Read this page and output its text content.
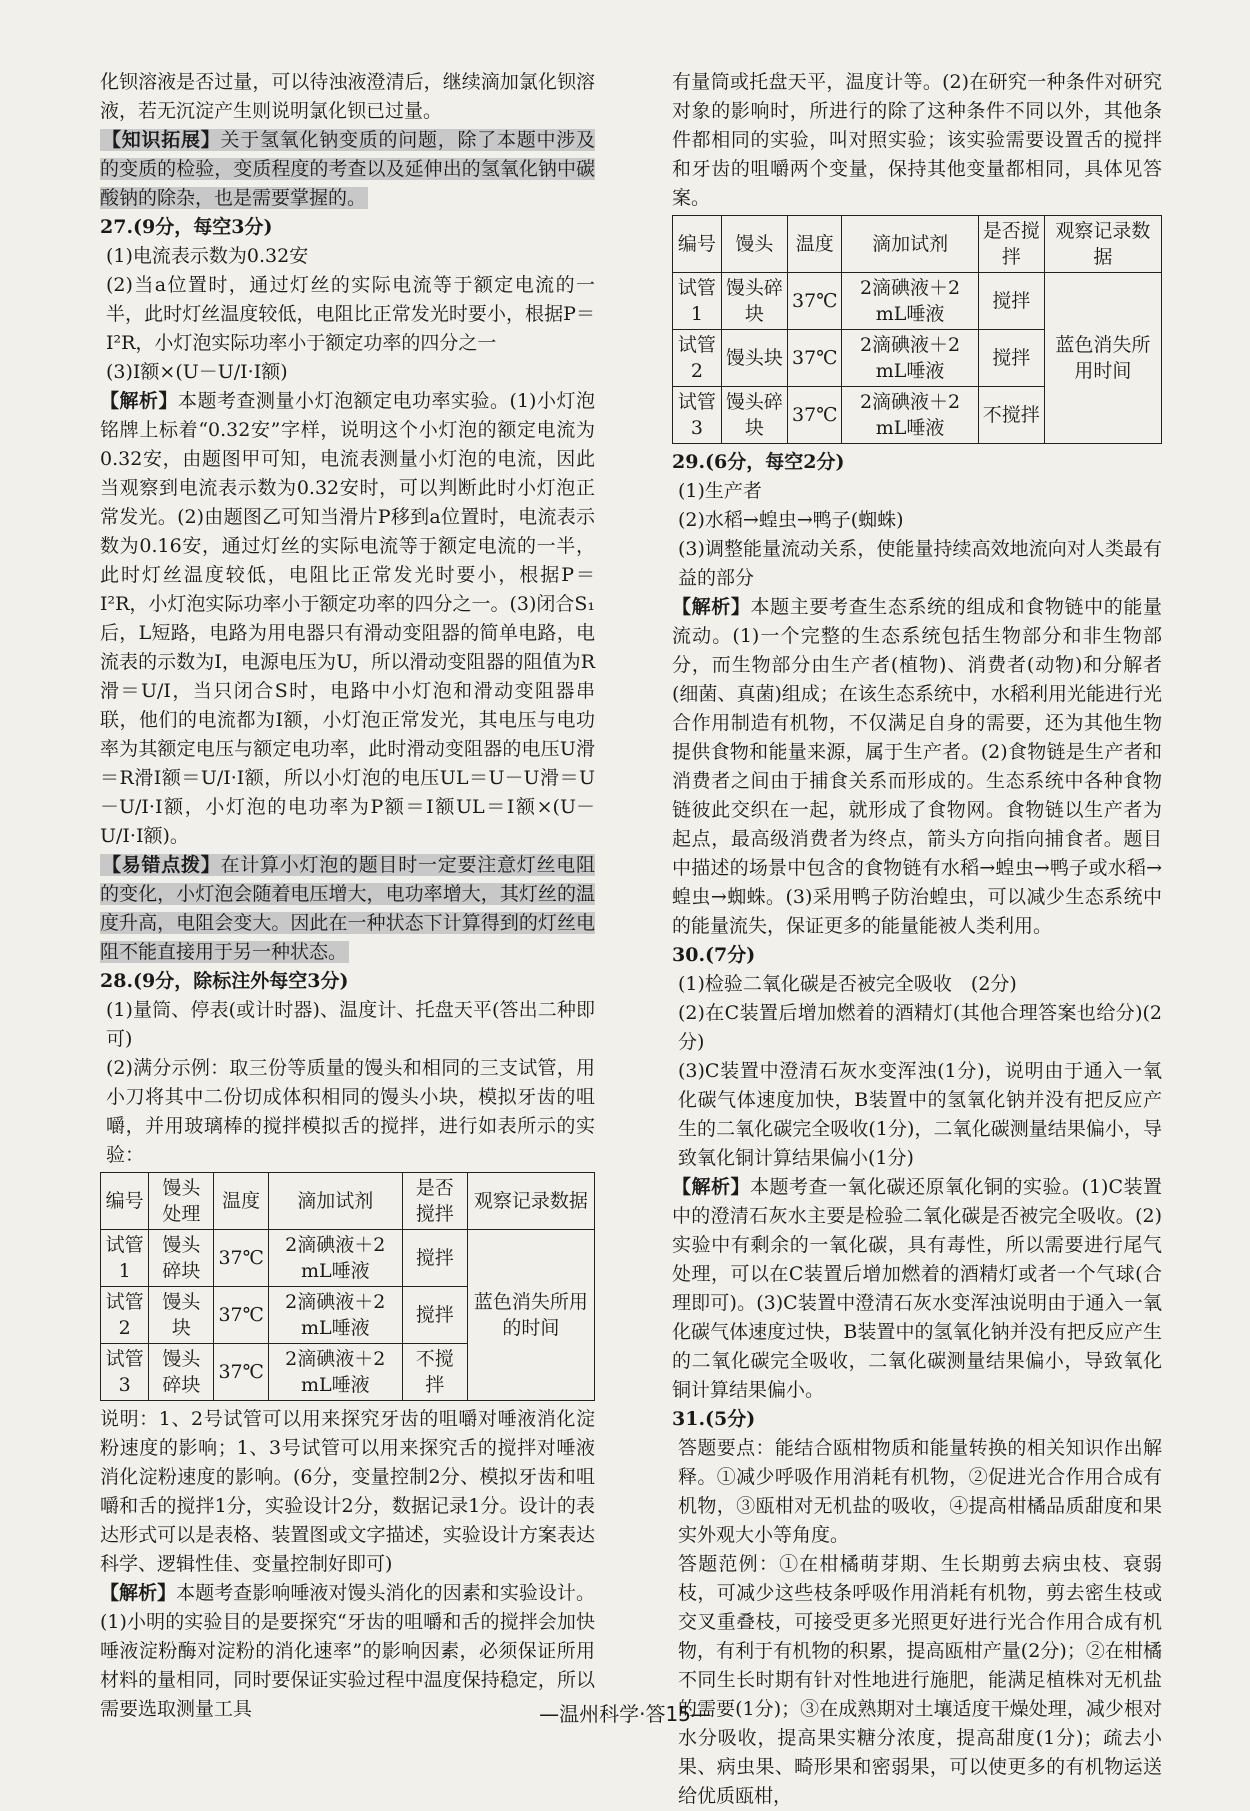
化钡溶液是否过量，可以待浊液澄清后，继续滴加氯化钡溶液，若无沉淀产生则说明氯化钡已过量。

【知识拓展】关于氢氧化钠变质的问题，除了本题中涉及的变质的检验，变质程度的考查以及延伸出的氢氧化钠中碳酸钠的除杂，也是需要掌握的。

27.(9分，每空3分)

(1)电流表示数为0.32安

(2)当a位置时，通过灯丝的实际电流等于额定电流的一半，此时灯丝温度较低，电阻比正常发光时要小，根据P＝I²R，小灯泡实际功率小于额定功率的四分之一

(3)I额×(U－U/I·I额)

【解析】本题考查测量小灯泡额定电功率实验。(1)小灯泡铭牌上标着“0.32安”字样，说明这个小灯泡的额定电流为0.32安，由题图甲可知，电流表测量小灯泡的电流，因此当观察到电流表示数为0.32安时，可以判断此时小灯泡正常发光。(2)由题图乙可知当滑片P移到a位置时，电流表示数为0.16安，通过灯丝的实际电流等于额定电流的一半，此时灯丝温度较低，电阻比正常发光时要小，根据P＝I²R，小灯泡实际功率小于额定功率的四分之一。(3)闭合S₁后，L短路，电路为用电器只有滑动变阻器的简单电路，电流表的示数为I，电源电压为U，所以滑动变阻器的阻值为R滑＝U/I，当只闭合S时，电路中小灯泡和滑动变阻器串联，他们的电流都为I额，小灯泡正常发光，其电压与电功率为其额定电压与额定电功率，此时滑动变阻器的电压U滑＝R滑I额＝U/I·I额，所以小灯泡的电压UL＝U－U滑＝U－U/I·I额，小灯泡的电功率为P额＝I额UL＝I额×(U－U/I·I额)。

【易错点拨】在计算小灯泡的题目时一定要注意灯丝电阻的变化，小灯泡会随着电压增大，电功率增大，其灯丝的温度升高，电阻会变大。因此在一种状态下计算得到的灯丝电阻不能直接用于另一种状态。

28.(9分，除标注外每空3分)

(1)量筒、停表(或计时器)、温度计、托盘天平(答出二种即可)

(2)满分示例：取三份等质量的馒头和相同的三支试管，用小刀将其中二份切成体积相同的馒头小块，模拟牙齿的咀嚼，并用玻璃棒的搅拌模拟舌的搅拌，进行如表所示的实验：

编号	馒头处理	温度	滴加试剂	是否搅拌	观察记录数据
试管1	馒头碎块	37℃	2滴碘液＋2 mL唾液	搅拌	蓝色消失所用的时间
试管2	馒头块	37℃	2滴碘液＋2 mL唾液	搅拌	
试管3	馒头碎块	37℃	2滴碘液＋2 mL唾液	不搅拌	

说明：1、2号试管可以用来探究牙齿的咀嚼对唾液消化淀粉速度的影响；1、3号试管可以用来探究舌的搅拌对唾液消化淀粉速度的影响。(6分，变量控制2分、模拟牙齿和咀嚼和舌的搅拌1分，实验设计2分，数据记录1分。设计的表达形式可以是表格、装置图或文字描述，实验设计方案表达科学、逻辑性佳、变量控制好即可)

【解析】本题考查影响唾液对馒头消化的因素和实验设计。(1)小明的实验目的是要探究“牙齿的咀嚼和舌的搅拌会加快唾液淀粉酶对淀粉的消化速率”的影响因素，必须保证所用材料的量相同，同时要保证实验过程中温度保持稳定，所以需要选取测量工具

有量筒或托盘天平，温度计等。(2)在研究一种条件对研究对象的影响时，所进行的除了这种条件不同以外，其他条件都相同的实验，叫对照实验；该实验需要设置舌的搅拌和牙齿的咀嚼两个变量，保持其他变量都相同，具体见答案。

编号	馒头	温度	滴加试剂	是否搅拌	观察记录数据
试管1	馒头碎块	37℃	2滴碘液＋2 mL唾液	搅拌	蓝色消失所用时间
试管2	馒头块	37℃	2滴碘液＋2 mL唾液	搅拌	
试管3	馒头碎块	37℃	2滴碘液＋2 mL唾液	不搅拌	

29.(6分，每空2分)

(1)生产者

(2)水稻→蝗虫→鸭子(蜘蛛)

(3)调整能量流动关系，使能量持续高效地流向对人类最有益的部分

【解析】本题主要考查生态系统的组成和食物链中的能量流动。(1)一个完整的生态系统包括生物部分和非生物部分，而生物部分由生产者(植物)、消费者(动物)和分解者(细菌、真菌)组成；在该生态系统中，水稻利用光能进行光合作用制造有机物，不仅满足自身的需要，还为其他生物提供食物和能量来源，属于生产者。(2)食物链是生产者和消费者之间由于捕食关系而形成的。生态系统中各种食物链彼此交织在一起，就形成了食物网。食物链以生产者为起点，最高级消费者为终点，箭头方向指向捕食者。题目中描述的场景中包含的食物链有水稻→蝗虫→鸭子或水稻→蝗虫→蜘蛛。(3)采用鸭子防治蝗虫，可以减少生态系统中的能量流失，保证更多的能量能被人类利用。

30.(7分)

(1)检验二氧化碳是否被完全吸收　(2分)

(2)在C装置后增加燃着的酒精灯(其他合理答案也给分)(2分)

(3)C装置中澄清石灰水变浑浊(1分)，说明由于通入一氧化碳气体速度加快，B装置中的氢氧化钠并没有把反应产生的二氧化碳完全吸收(1分)，二氧化碳测量结果偏小，导致氧化铜计算结果偏小(1分)

【解析】本题考查一氧化碳还原氧化铜的实验。(1)C装置中的澄清石灰水主要是检验二氧化碳是否被完全吸收。(2)实验中有剩余的一氧化碳，具有毒性，所以需要进行尾气处理，可以在C装置后增加燃着的酒精灯或者一个气球(合理即可)。(3)C装置中澄清石灰水变浑浊说明由于通入一氧化碳气体速度过快，B装置中的氢氧化钠并没有把反应产生的二氧化碳完全吸收，二氧化碳测量结果偏小，导致氧化铜计算结果偏小。

31.(5分)

答题要点：能结合瓯柑物质和能量转换的相关知识作出解释。①减少呼吸作用消耗有机物，②促进光合作用合成有机物，③瓯柑对无机盐的吸收，④提高柑橘品质甜度和果实外观大小等角度。

答题范例：①在柑橘萌芽期、生长期剪去病虫枝、衰弱枝，可减少这些枝条呼吸作用消耗有机物，剪去密生枝或交叉重叠枝，可接受更多光照更好进行光合作用合成有机物，有利于有机物的积累，提高瓯柑产量(2分)；②在柑橘不同生长时期有针对性地进行施肥，能满足植株对无机盐的需要(1分)；③在成熟期对土壤适度干燥处理，减少根对水分吸收，提高果实糖分浓度，提高甜度(1分)；疏去小果、病虫果、畸形果和密弱果，可以使更多的有机物运送给优质瓯柑，

—温州科学·答15—
